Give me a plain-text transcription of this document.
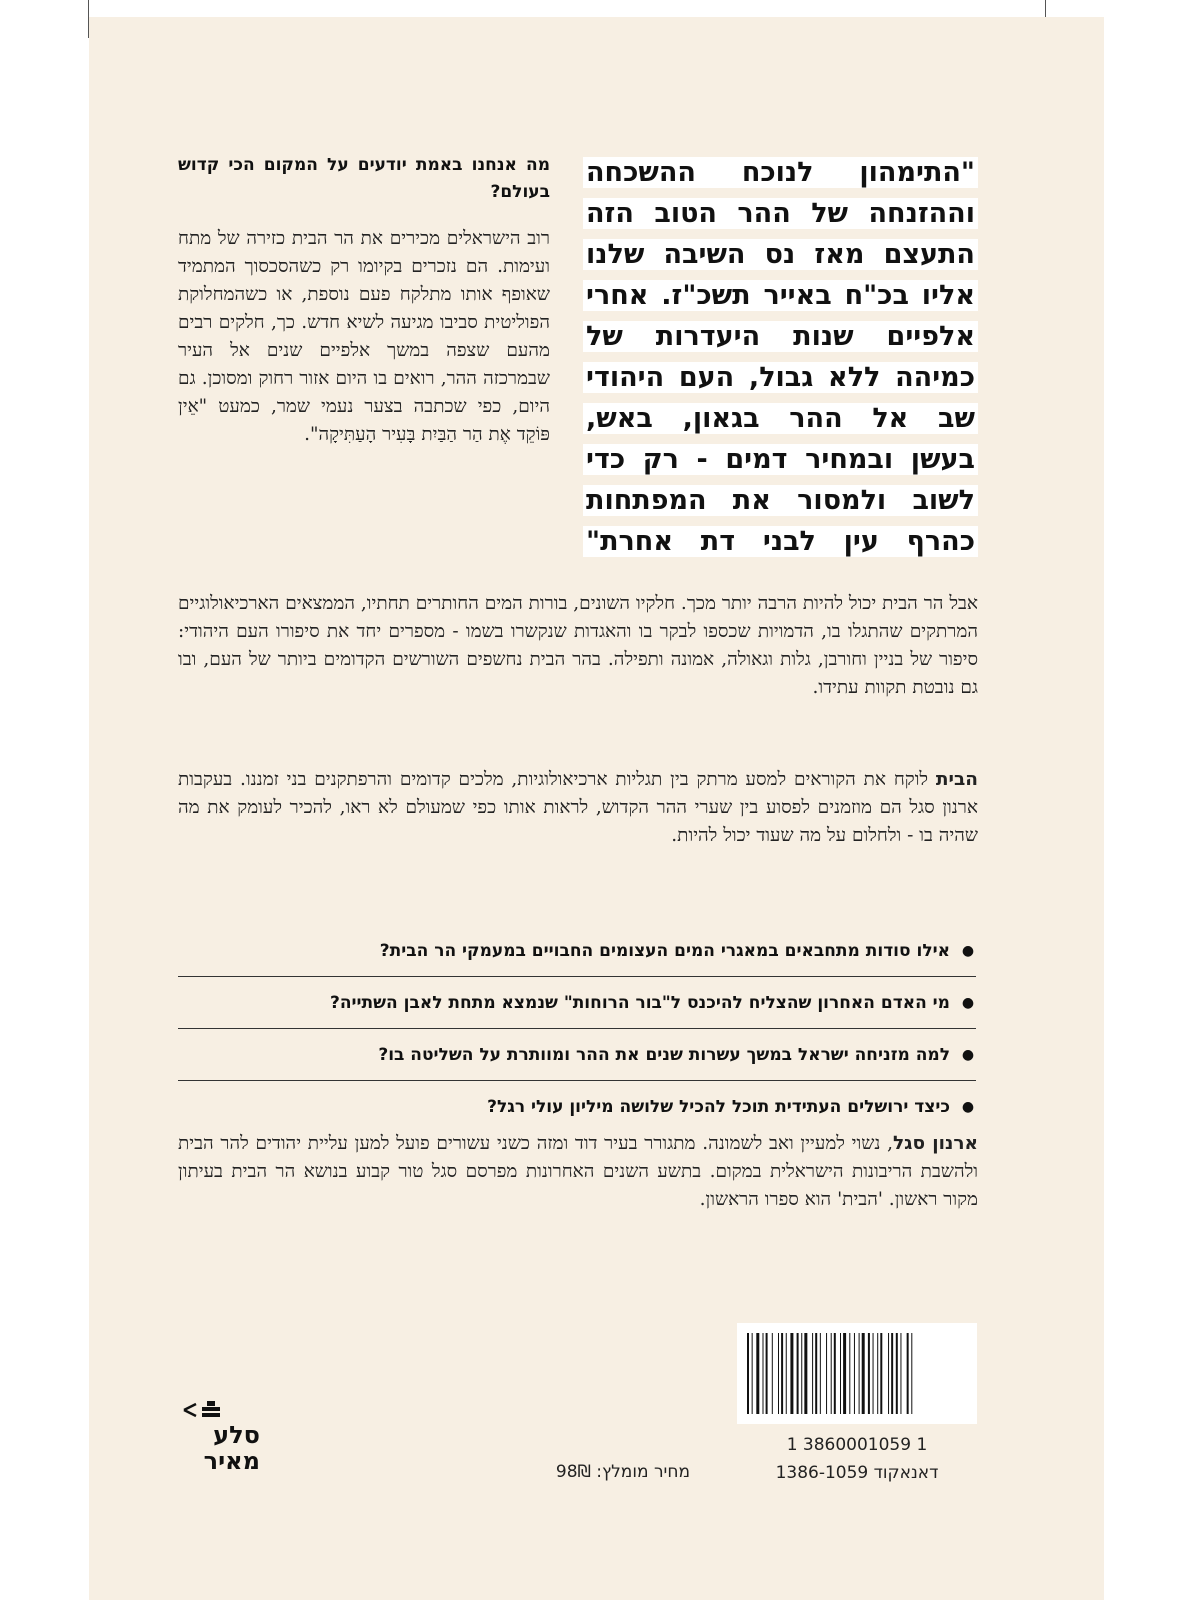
"התימהון לנוכח ההשכחה
וההזנחה של ההר הטוב הזה
התעצם מאז נס השיבה שלנו
אליו בכ"ח באייר תשכ"ז. אחרי
אלפיים שנות היעדרות של
כמיהה ללא גבול, העם היהודי
שב אל ההר בגאון, באש,
בעשן ובמחיר דמים - רק כדי
לשוב ולמסור את המפתחות
כהרף עין לבני דת אחרת"

מה אנחנו באמת יודעים על המקום הכי קדוש בעולם?

רוב הישראלים מכירים את הר הבית כזירה של מתח ועימות. הם נזכרים בקיומו רק כשהסכסוך המתמיד שאופף אותו מתלקח פעם נוספת, או כשהמחלוקת הפוליטית סביבו מגיעה לשיא חדש. כך, חלקים רבים מהעם שצפה במשך אלפיים שנים אל העיר שבמרכזה ההר, רואים בו היום אזור רחוק ומסוכן. גם היום, כפי שכתבה בצער נעמי שמר, כמעט "אֵין פּוֹקֵד אֶת הַר הַבַּיִת בָּעִיר הָעַתִּיקָה".

אבל הר הבית יכול להיות הרבה יותר מכך. חלקיו השונים, בורות המים החותרים תחתיו, הממצאים הארכיאולוגיים המרתקים שהתגלו בו, הדמויות שכספו לבקר בו והאגדות שנקשרו בשמו - מספרים יחד את סיפורו העם היהודי: סיפור של בניין וחורבן, גלות וגאולה, אמונה ותפילה. בהר הבית נחשפים השורשים הקדומים ביותר של העם, ובו גם נובטת תקוות עתידו.

הבית לוקח את הקוראים למסע מרתק בין תגליות ארכיאולוגיות, מלכים קדומים והרפתקנים בני זמננו. בעקבות ארנון סגל הם מוזמנים לפסוע בין שערי ההר הקדוש, לראות אותו כפי שמעולם לא ראו, להכיר לעומק את מה שהיה בו - ולחלום על מה שעוד יכול להיות.

●
אילו סודות מתחבאים במאגרי המים העצומים החבויים במעמקי הר הבית?
●
מי האדם האחרון שהצליח להיכנס ל"בור הרוחות" שנמצא מתחת לאבן השתייה?
●
למה מזניחה ישראל במשך עשרות שנים את ההר ומוותרת על השליטה בו?
●
כיצד ירושלים העתידית תוכל להכיל שלושה מיליון עולי רגל?

ארנון סגל, נשוי למעיין ואב לשמונה. מתגורר בעיר דוד ומזה כשני עשורים פועל למען עליית יהודים להר הבית ולהשבת הריבונות הישראלית במקום. בתשע השנים האחרונות מפרסם סגל טור קבוע בנושא הר הבית בעיתון מקור ראשון. 'הבית' הוא ספרו הראשון.

1 3860001059 1
דאנאקוד 1386-1059
מחיר מומלץ: 98₪
סלע
מאיר
